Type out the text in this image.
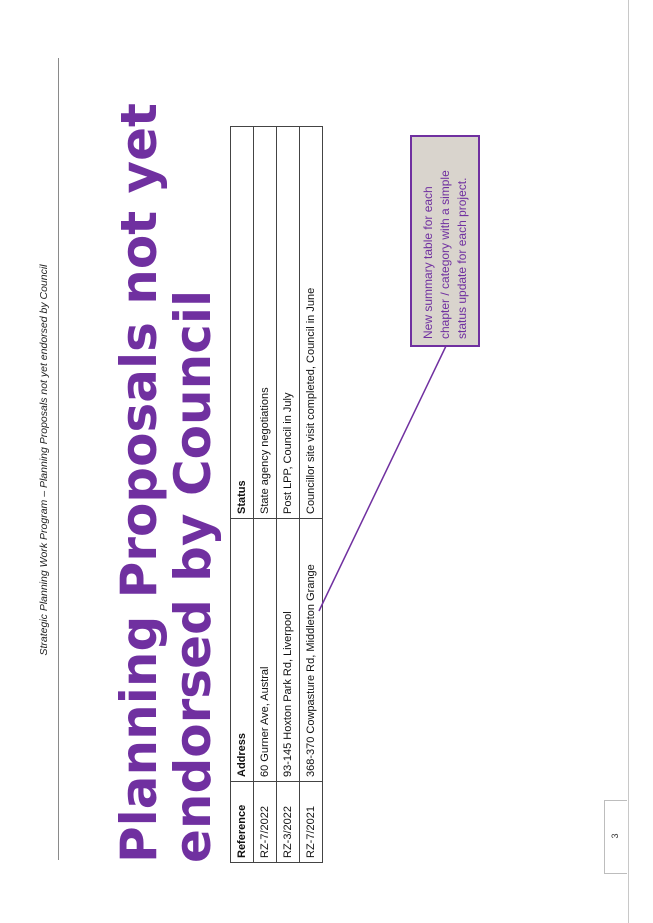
Strategic Planning Work Program – Planning Proposals not yet endorsed by Council
3
Planning Proposals not yet endorsed by Council Reference	Address	Status
RZ-7/2022	60 Gurner Ave, Austral	State agency negotiations
RZ-3/2022	93-145 Hoxton Park Rd, Liverpool	Post LPP, Council in July
RZ-7/2021	368-370 Cowpasture Rd, Middleton Grange	Councillor site visit completed, Council in June
New summary table for each chapter / category with a simple status update for each project.
